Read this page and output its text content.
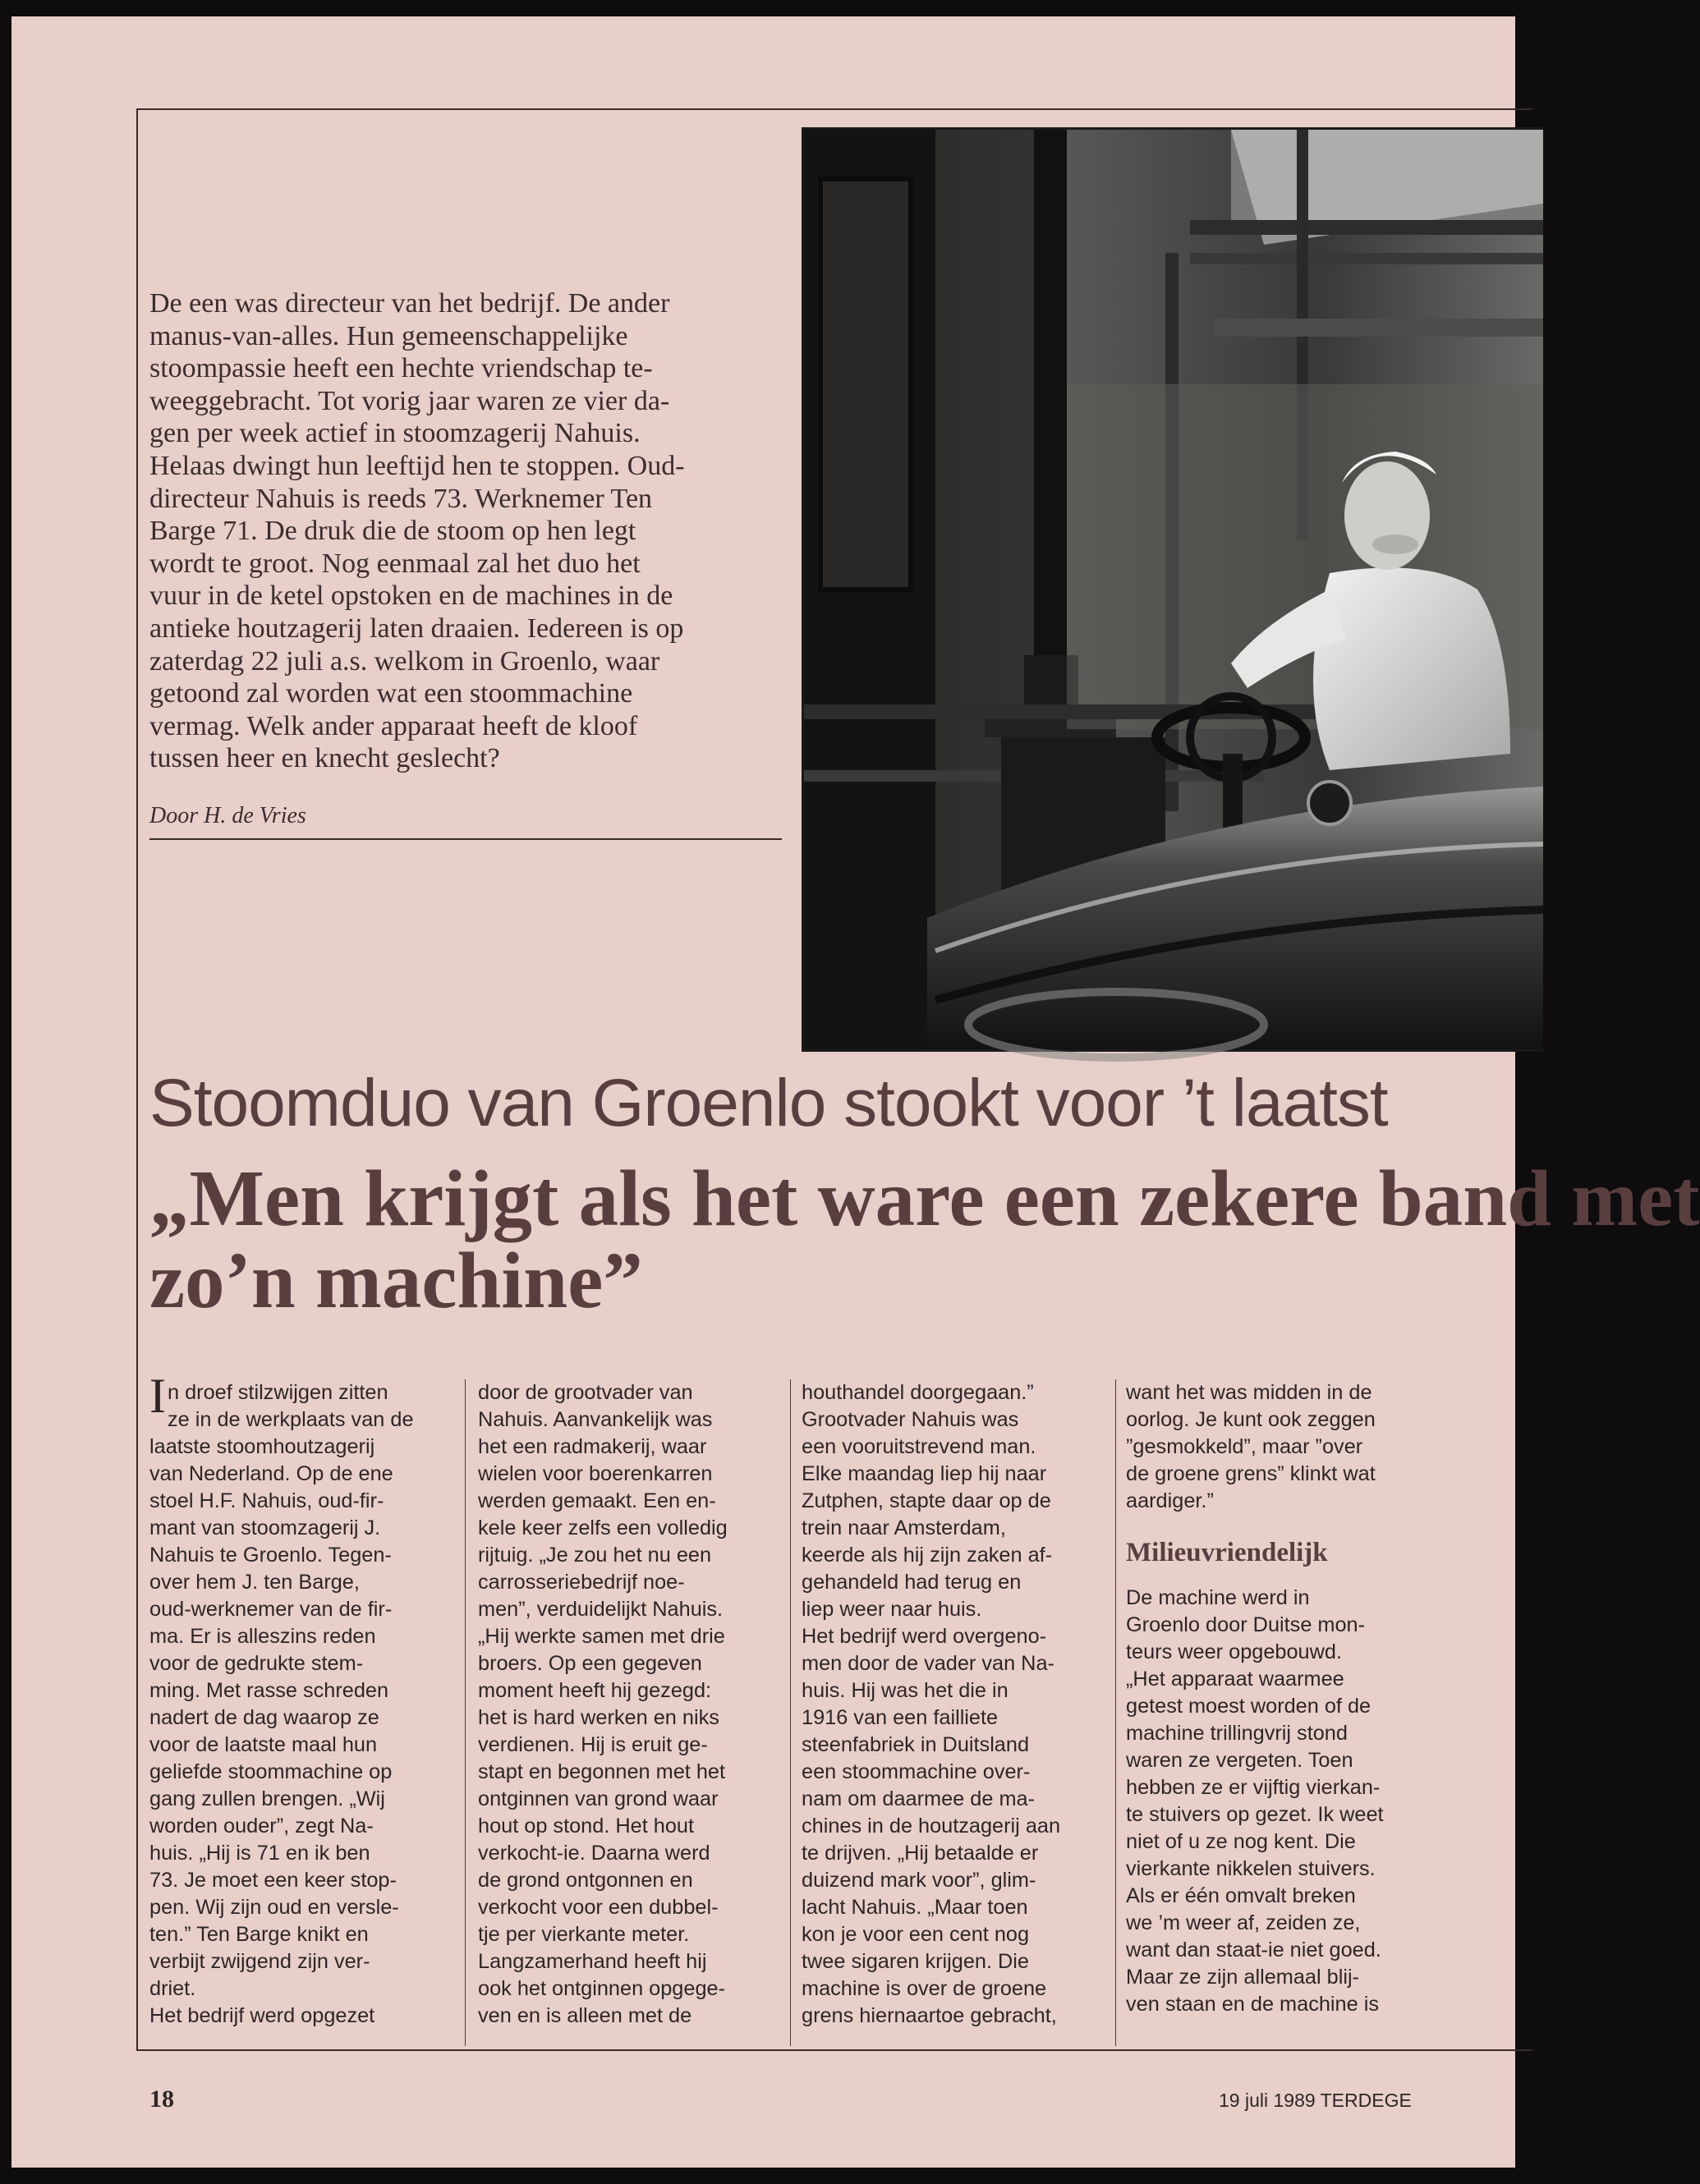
De een was directeur van het bedrijf. De ander
manus-van-alles. Hun gemeenschappelijke
stoompassie heeft een hechte vriendschap te-
weeggebracht. Tot vorig jaar waren ze vier da-
gen per week actief in stoomzagerij Nahuis.
Helaas dwingt hun leeftijd hen te stoppen. Oud-
directeur Nahuis is reeds 73. Werknemer Ten
Barge 71. De druk die de stoom op hen legt
wordt te groot. Nog eenmaal zal het duo het
vuur in de ketel opstoken en de machines in de
antieke houtzagerij laten draaien. Iedereen is op
zaterdag 22 juli a.s. welkom in Groenlo, waar
getoond zal worden wat een stoommachine
vermag. Welk ander apparaat heeft de kloof
tussen heer en knecht geslecht?
Door H. de Vries
Stoomduo van Groenlo stookt voor ’t laatst
„Men krijgt als het ware een zekere band met
zo’n machine”

In droef stilzwijgen zitten

ze in de werkplaats van de

laatste stoomhoutzagerij

van Nederland. Op de ene

stoel H.F. Nahuis, oud-fir-

mant van stoomzagerij J.

Nahuis te Groenlo. Tegen-

over hem J. ten Barge,

oud-werknemer van de fir-

ma. Er is alleszins reden

voor de gedrukte stem-

ming. Met rasse schreden

nadert de dag waarop ze

voor de laatste maal hun

geliefde stoommachine op

gang zullen brengen. „Wij

worden ouder”, zegt Na-

huis. „Hij is 71 en ik ben

73. Je moet een keer stop-

pen. Wij zijn oud en versle-

ten.” Ten Barge knikt en

verbijt zwijgend zijn ver-

driet.

Het bedrijf werd opgezet

door de grootvader van

Nahuis. Aanvankelijk was

het een radmakerij, waar

wielen voor boerenkarren

werden gemaakt. Een en-

kele keer zelfs een volledig

rijtuig. „Je zou het nu een

carrosseriebedrijf noe-

men”, verduidelijkt Nahuis.

„Hij werkte samen met drie

broers. Op een gegeven

moment heeft hij gezegd:

het is hard werken en niks

verdienen. Hij is eruit ge-

stapt en begonnen met het

ontginnen van grond waar

hout op stond. Het hout

verkocht-ie. Daarna werd

de grond ontgonnen en

verkocht voor een dubbel-

tje per vierkante meter.

Langzamerhand heeft hij

ook het ontginnen opgege-

ven en is alleen met de

houthandel doorgegaan.”

Grootvader Nahuis was

een vooruitstrevend man.

Elke maandag liep hij naar

Zutphen, stapte daar op de

trein naar Amsterdam,

keerde als hij zijn zaken af-

gehandeld had terug en

liep weer naar huis.

Het bedrijf werd overgeno-

men door de vader van Na-

huis. Hij was het die in

1916 van een failliete

steenfabriek in Duitsland

een stoommachine over-

nam om daarmee de ma-

chines in de houtzagerij aan

te drijven. „Hij betaalde er

duizend mark voor”, glim-

lacht Nahuis. „Maar toen

kon je voor een cent nog

twee sigaren krijgen. Die

machine is over de groene

grens hiernaartoe gebracht,

want het was midden in de

oorlog. Je kunt ook zeggen

”gesmokkeld”, maar ”over

de groene grens” klinkt wat

aardiger.”

Milieuvriendelijk

De machine werd in

Groenlo door Duitse mon-

teurs weer opgebouwd.

„Het apparaat waarmee

getest moest worden of de

machine trillingvrij stond

waren ze vergeten. Toen

hebben ze er vijftig vierkan-

te stuivers op gezet. Ik weet

niet of u ze nog kent. Die

vierkante nikkelen stuivers.

Als er één omvalt breken

we ’m weer af, zeiden ze,

want dan staat-ie niet goed.

Maar ze zijn allemaal blij-

ven staan en de machine is

18	19 juli 1989 TERDEGE
